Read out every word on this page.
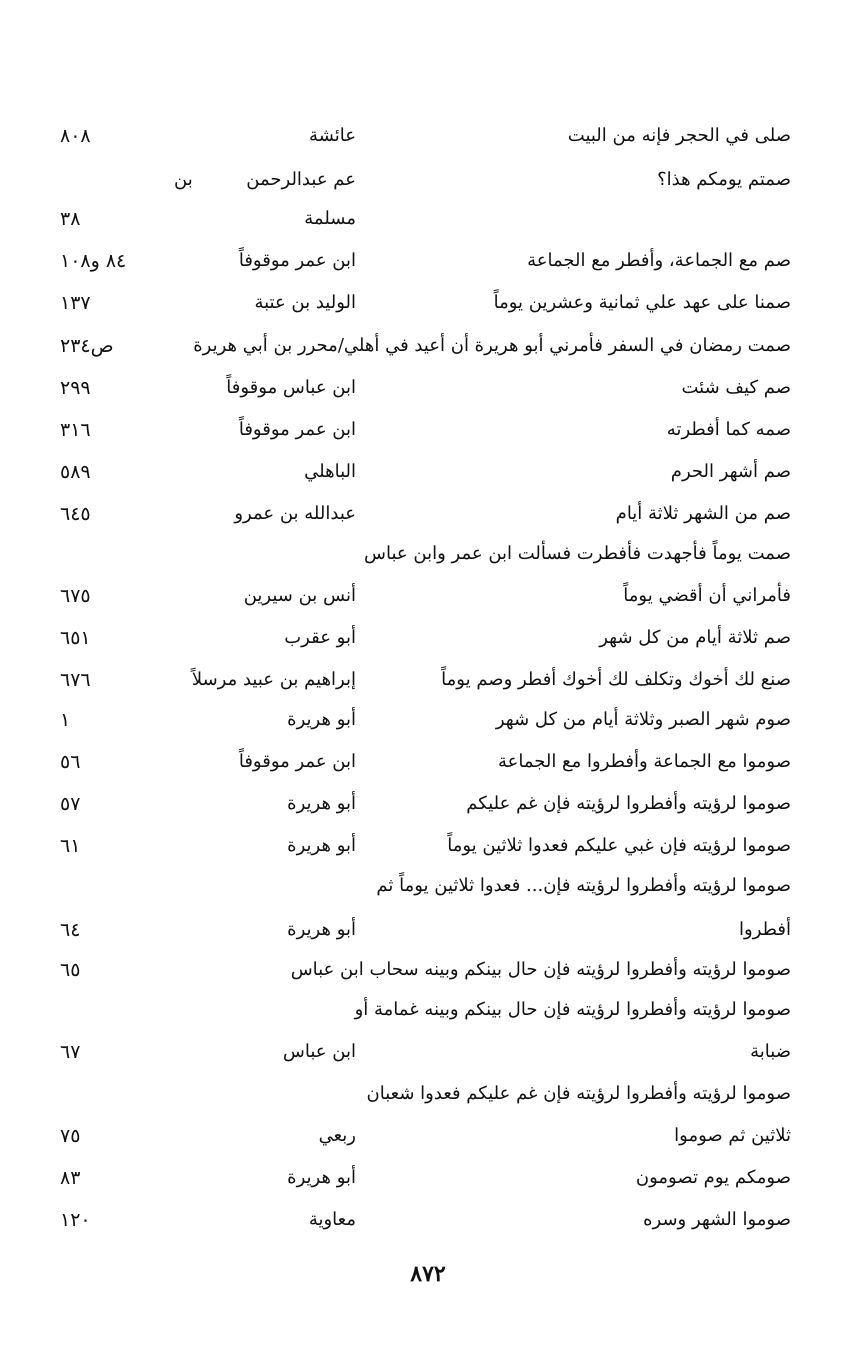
صلى في الحجر فإنه من البيت
عائشة
٨٠٨
صمتم يومكم هذا؟
عم عبدالرحمن
بن
مسلمة
٣٨
صم مع الجماعة، وأفطر مع الجماعة
ابن عمر موقوفاً
٨٤ و١٠٨
صمنا على عهد علي ثمانية وعشرين يوماً
الوليد بن عتبة
١٣٧
صمت رمضان في السفر فأمرني أبو هريرة أن أعيد في أهلي/محرر بن أبي هريرة
ص٢٣٤
صم كيف شئت
ابن عباس موقوفاً
٢٩٩
صمه كما أفطرته
ابن عمر موقوفاً
٣١٦
صم أشهر الحرم
الباهلي
٥٨٩
صم من الشهر ثلاثة أيام
عبدالله بن عمرو
٦٤٥
صمت يوماً فأجهدت فأفطرت فسألت ابن عمر وابن عباس
فأمراني أن أقضي يوماً
أنس بن سيرين
٦٧٥
صم ثلاثة أيام من كل شهر
أبو عقرب
٦٥١
صنع لك أخوك وتكلف لك أخوك أفطر وصم يوماً
إبراهيم بن عبيد مرسلاً
٦٧٦
صوم شهر الصبر وثلاثة أيام من كل شهر
أبو هريرة
١
صوموا مع الجماعة وأفطروا مع الجماعة
ابن عمر موقوفاً
٥٦
صوموا لرؤيته وأفطروا لرؤيته فإن غم عليكم
أبو هريرة
٥٧
صوموا لرؤيته فإن غبي عليكم فعدوا ثلاثين يوماً
أبو هريرة
٦١
صوموا لرؤيته وأفطروا لرؤيته فإن... فعدوا ثلاثين يوماً ثم
أفطروا
أبو هريرة
٦٤
صوموا لرؤيته وأفطروا لرؤيته فإن حال بينكم وبينه سحاب ابن عباس
٦٥
صوموا لرؤيته وأفطروا لرؤيته فإن حال بينكم وبينه غمامة أو
ضبابة
ابن عباس
٦٧
صوموا لرؤيته وأفطروا لرؤيته فإن غم عليكم فعدوا شعبان
ثلاثين ثم صوموا
ربعي
٧٥
صومكم يوم تصومون
أبو هريرة
٨٣
صوموا الشهر وسره
معاوية
١٢٠
٨٧٢
